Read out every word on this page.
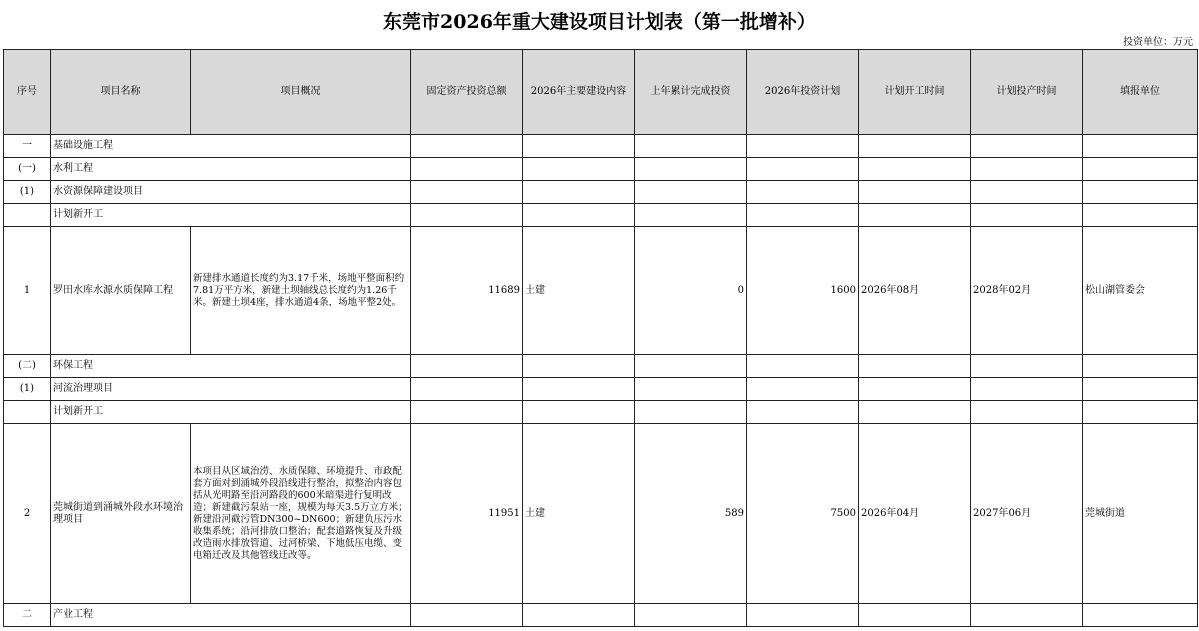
东莞市2026年重大建设项目计划表（第一批增补）
投资单位：万元
序号	项目名称	项目概况	固定资产投资总额	2026年主要建设内容	上年累计完成投资	2026年投资计划	计划开工时间	计划投产时间	填报单位
一	基础设施工程								
(一)	水利工程								
(1)	水资源保障建设项目								
	计划新开工								
1	罗田水库水源水质保障工程	新建排水通道长度约为3.17千米，场地平整面积约7.81万平方米，新建土坝轴线总长度约为1.26千米。新建土坝4座，排水通道4条，场地平整2处。	11689	土建	0	1600	2026年08月	2028年02月	松山湖管委会
(二)	环保工程								
(1)	河流治理项目								
	计划新开工								
2	莞城街道到涌城外段水环境治理项目	本项目从区域治涝、水质保障、环境提升、市政配套方面对到涌城外段沿线进行整治，拟整治内容包括从光明路至沿河路段的600米暗渠进行复明改造；新建截污泵站一座，规模为每天3.5万立方米；新建沿河截污管DN300~DN600；新建负压污水收集系统；沿河排放口整治；配套道路恢复及升级改造雨水排放管道、过河桥梁、下地低压电缆、变电箱迁改及其他管线迁改等。	11951	土建	589	7500	2026年04月	2027年06月	莞城街道
二	产业工程								
